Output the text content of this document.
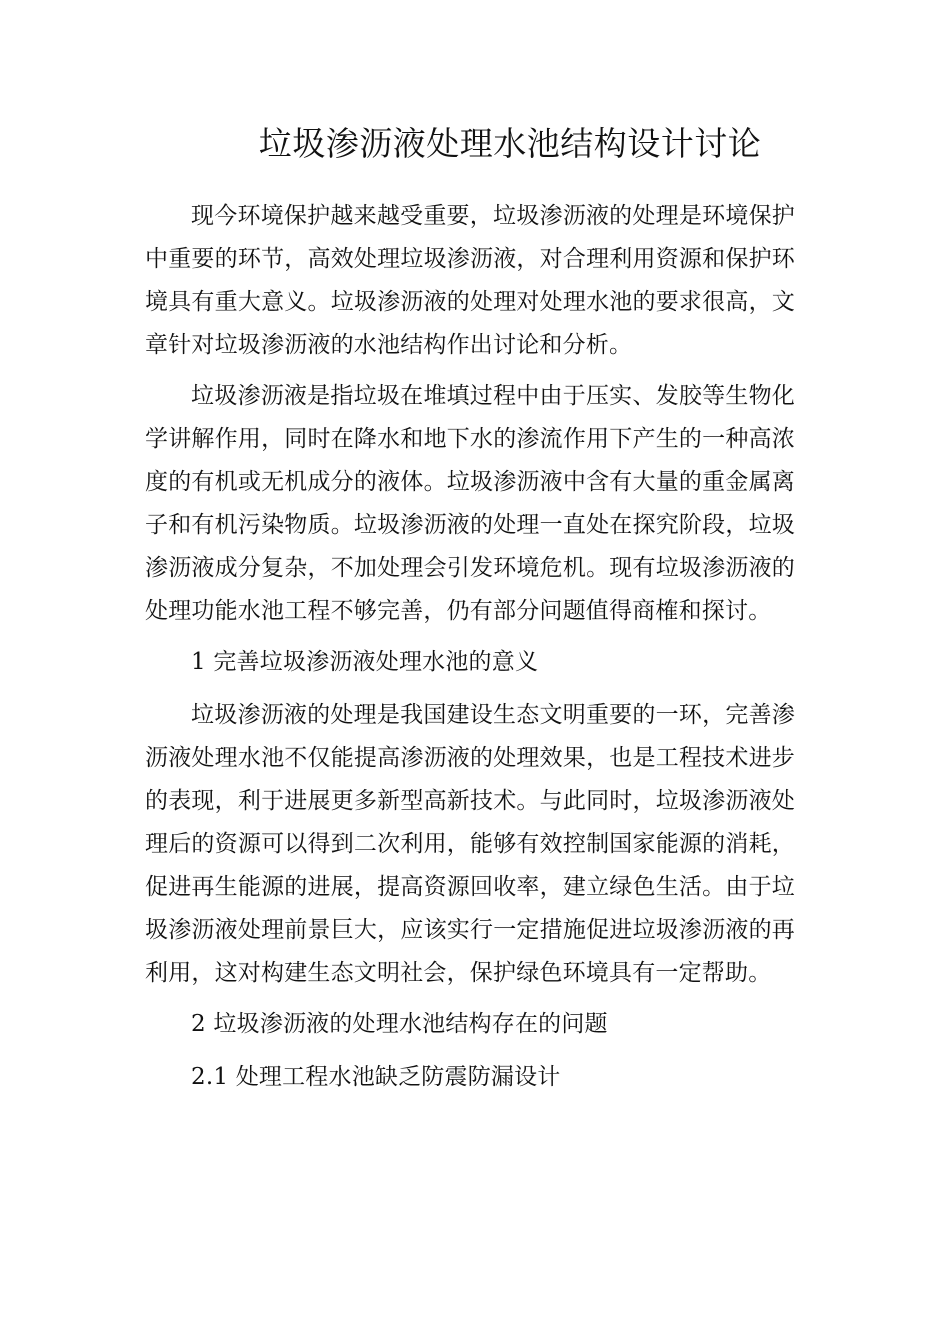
垃圾渗沥液处理水池结构设计讨论

现今环境保护越来越受重要，垃圾渗沥液的处理是环境保护中重要的环节，高效处理垃圾渗沥液，对合理利用资源和保护环境具有重大意义。垃圾渗沥液的处理对处理水池的要求很高，文章针对垃圾渗沥液的水池结构作出讨论和分析。

垃圾渗沥液是指垃圾在堆填过程中由于压实、发胶等生物化学讲解作用，同时在降水和地下水的渗流作用下产生的一种高浓度的有机或无机成分的液体。垃圾渗沥液中含有大量的重金属离子和有机污染物质。垃圾渗沥液的处理一直处在探究阶段，垃圾渗沥液成分复杂，不加处理会引发环境危机。现有垃圾渗沥液的处理功能水池工程不够完善，仍有部分问题值得商榷和探讨。

1 完善垃圾渗沥液处理水池的意义

垃圾渗沥液的处理是我国建设生态文明重要的一环，完善渗沥液处理水池不仅能提高渗沥液的处理效果，也是工程技术进步的表现，利于进展更多新型高新技术。与此同时，垃圾渗沥液处理后的资源可以得到二次利用，能够有效控制国家能源的消耗，促进再生能源的进展，提高资源回收率，建立绿色生活。由于垃圾渗沥液处理前景巨大，应该实行一定措施促进垃圾渗沥液的再利用，这对构建生态文明社会，保护绿色环境具有一定帮助。

2 垃圾渗沥液的处理水池结构存在的问题

2.1 处理工程水池缺乏防震防漏设计
